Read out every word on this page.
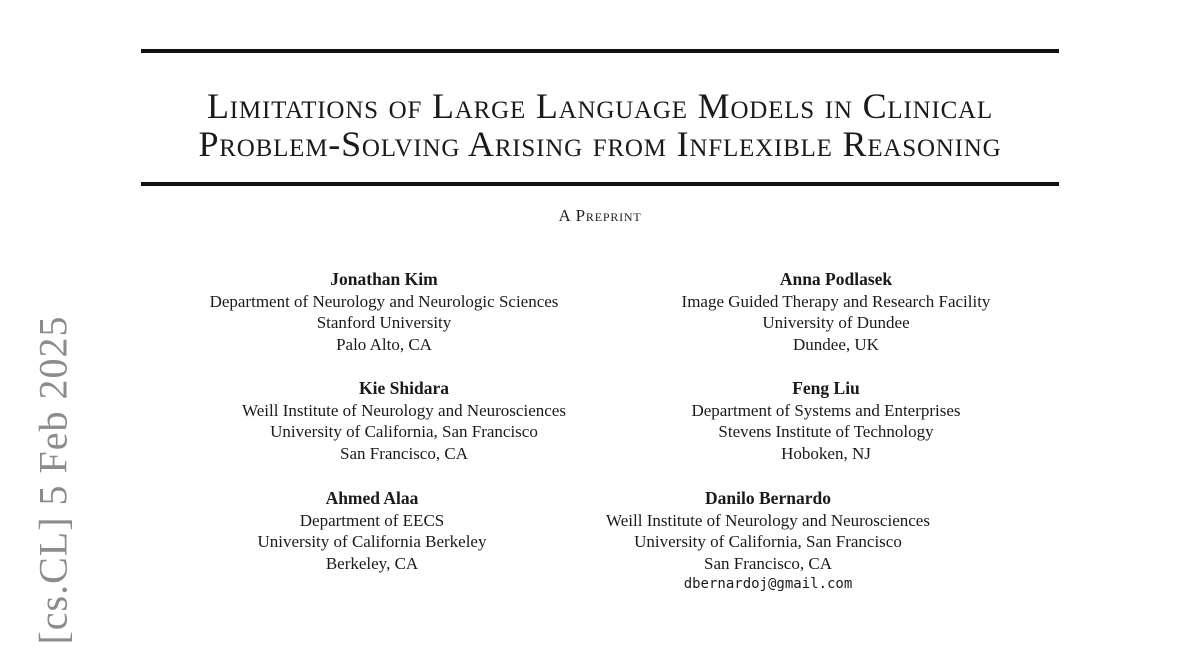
Limitations of Large Language Models in Clinical
Problem-Solving Arising from Inflexible Reasoning
A Preprint
Jonathan Kim
Department of Neurology and Neurologic Sciences
Stanford University
Palo Alto, CA
Anna Podlasek
Image Guided Therapy and Research Facility
University of Dundee
Dundee, UK
Kie Shidara
Weill Institute of Neurology and Neurosciences
University of California, San Francisco
San Francisco, CA
Feng Liu
Department of Systems and Enterprises
Stevens Institute of Technology
Hoboken, NJ
Ahmed Alaa
Department of EECS
University of California Berkeley
Berkeley, CA
Danilo Bernardo
Weill Institute of Neurology and Neurosciences
University of California, San Francisco
San Francisco, CA
dbernardoj@gmail.com
[cs.CL] 5 Feb 2025
